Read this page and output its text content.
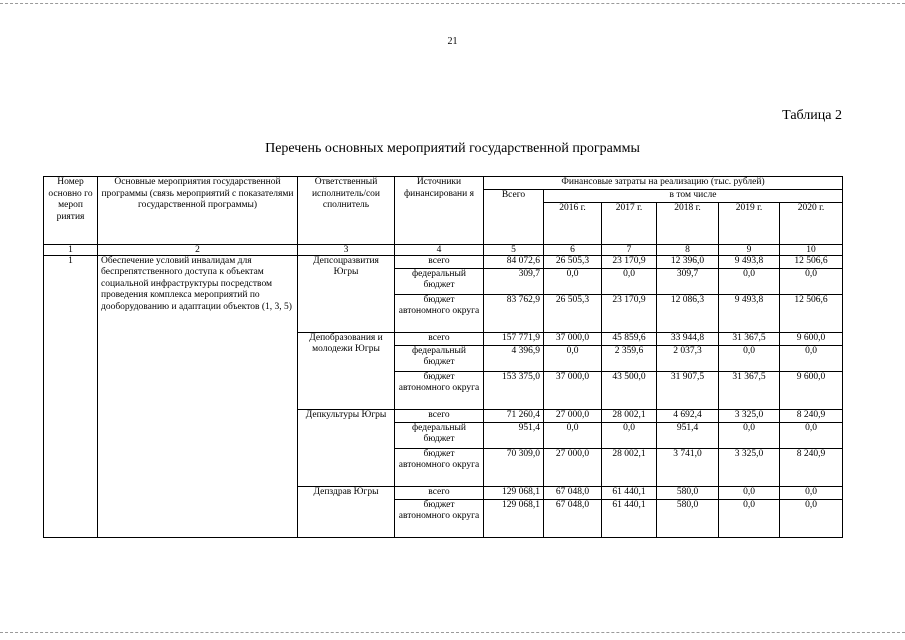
21
Таблица 2
Перечень основных мероприятий государственной программы
Номер основно го мероп риятия	Основные мероприятия государственной программы (связь мероприятий с показателями государственной программы)	Ответственный исполнитель/сои сполнитель	Источники финансировани я	Финансовые затраты на реализацию (тыс. рублей)					
				Всего	в том числе				
					2016 г.	2017 г.	2018 г.	2019 г.	2020 г.
1	2	3	4	5	6	7	8	9	10
1	Обеспечение условий инвалидам для беспрепятственного доступа к объектам социальной инфраструктуры посредством проведения комплекса мероприятий по дооборудованию и адаптации объектов (1, 3, 5)	Депсоцразвития Югры	всего	84 072,6	26 505,3	23 170,9	12 396,0	9 493,8	12 506,6
			федеральный бюджет	309,7	0,0	0,0	309,7	0,0	0,0
			бюджет автономного округа	83 762,9	26 505,3	23 170,9	12 086,3	9 493,8	12 506,6
		Депобразования и молодежи Югры	всего	157 771,9	37 000,0	45 859,6	33 944,8	31 367,5	9 600,0
			федеральный бюджет	4 396,9	0,0	2 359,6	2 037,3	0,0	0,0
			бюджет автономного округа	153 375,0	37 000,0	43 500,0	31 907,5	31 367,5	9 600,0
		Депкультуры Югры	всего	71 260,4	27 000,0	28 002,1	4 692,4	3 325,0	8 240,9
			федеральный бюджет	951,4	0,0	0,0	951,4	0,0	0,0
			бюджет автономного округа	70 309,0	27 000,0	28 002,1	3 741,0	3 325,0	8 240,9
		Депздрав Югры	всего	129 068,1	67 048,0	61 440,1	580,0	0,0	0,0
			бюджет автономного округа	129 068,1	67 048,0	61 440,1	580,0	0,0	0,0
